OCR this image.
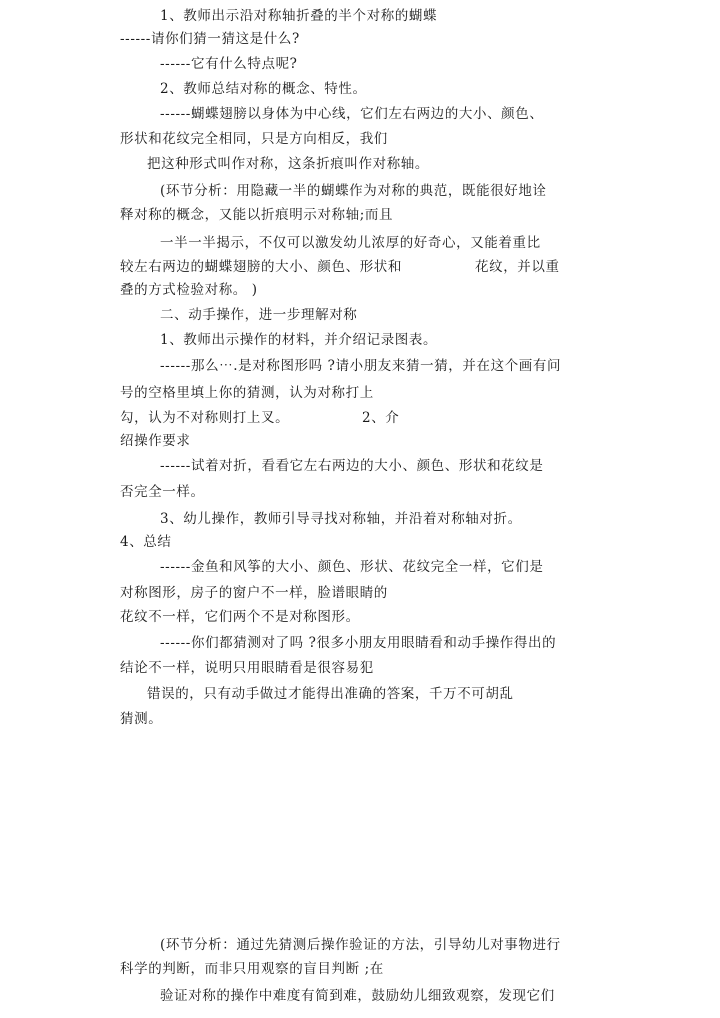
1、教师出示沿对称轴折叠的半个对称的蝴蝶
------请你们猜一猜这是什么?
------它有什么特点呢?
2、教师总结对称的概念、特性。
------蝴蝶翅膀以身体为中心线，它们左右两边的大小、颜色、
形状和花纹完全相同，只是方向相反，我们
把这种形式叫作对称，这条折痕叫作对称轴。
(环节分析：用隐藏一半的蝴蝶作为对称的典范，既能很好地诠
释对称的概念，又能以折痕明示对称轴;而且
一半一半揭示，不仅可以激发幼儿浓厚的好奇心，又能着重比
较左右两边的蝴蝶翅膀的大小、颜色、形状和	花纹，并以重
叠的方式检验对称。 )
二、动手操作，进一步理解对称
1、教师出示操作的材料，并介绍记录图表。
------那么⋯.是对称图形吗 ?请小朋友来猜一猜，并在这个画有问
号的空格里填上你的猜测，认为对称打上
勾，认为不对称则打上叉。	2、介
绍操作要求
------试着对折，看看它左右两边的大小、颜色、形状和花纹是
否完全一样。
3、幼儿操作，教师引导寻找对称轴，并沿着对称轴对折。
4、总结
------金鱼和风筝的大小、颜色、形状、花纹完全一样，它们是
对称图形，房子的窗户不一样，脸谱眼睛的
花纹不一样，它们两个不是对称图形。
------你们都猜测对了吗 ?很多小朋友用眼睛看和动手操作得出的
结论不一样，说明只用眼睛看是很容易犯
错误的，只有动手做过才能得出准确的答案，千万不可胡乱
猜测。
(环节分析：通过先猜测后操作验证的方法，引导幼儿对事物进行
科学的判断，而非只用观察的盲目判断 ;在
验证对称的操作中难度有简到难，鼓励幼儿细致观察，发现它们
